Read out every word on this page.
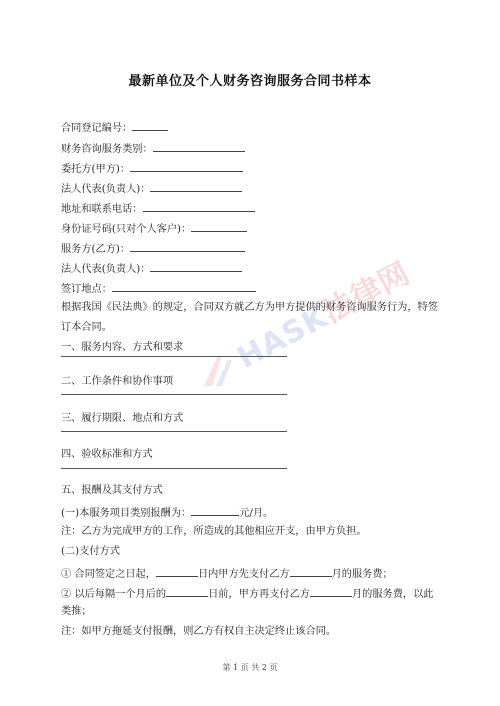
最新单位及个人财务咨询服务合同书样本
合同登记编号：
财务咨询服务类别：
委托方(甲方)：
法人代表(负责人)：
地址和联系电话：
身份证号码(只对个人客户)：
服务方(乙方)：
法人代表(负责人)：
签订地点：
根据我国《民法典》的规定，合同双方就乙方为甲方提供的财务咨询服务行为，特签
订本合同。
一、服务内容、方式和要求
二、工作条件和协作事项
三、履行期限、地点和方式
四、验收标准和方式
五、报酬及其支付方式
(一)本服务项目类别报酬为：	元/月。
注：乙方为完成甲方的工作，所造成的其他相应开支，由甲方负担。
(二)支付方式
① 合同签定之日起，	日内甲方先支付乙方	月的服务费；
② 以后每隔一个月后的	日前，甲方再支付乙方	月的服务费，以此
类推；
注：如甲方拖延支付报酬，则乙方有权自主决定终止该合同。
第 1 页 共 2 页
HASK法律网
